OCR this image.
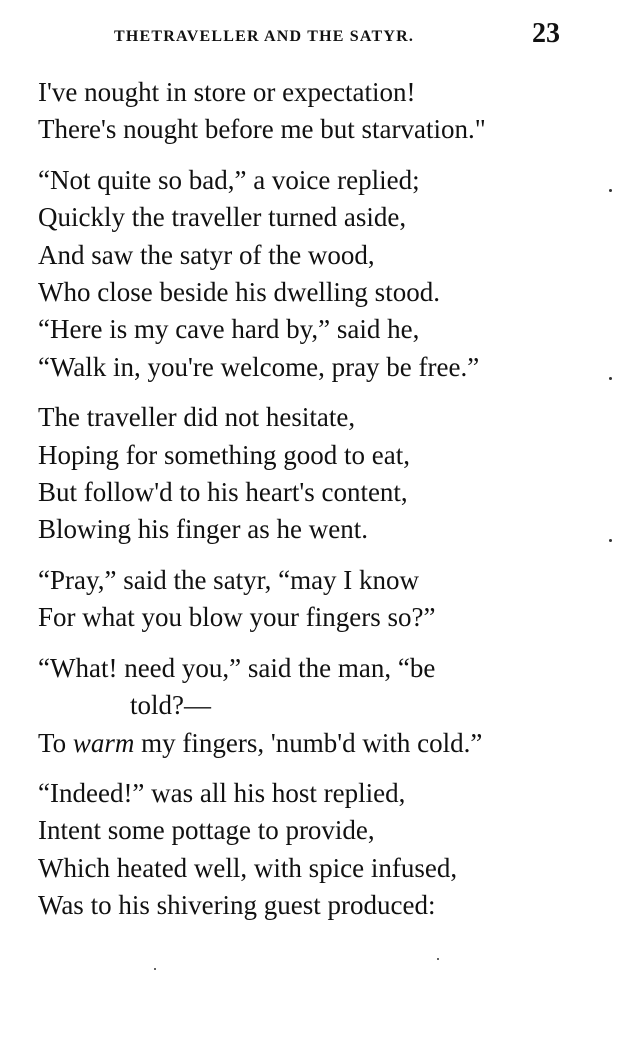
THETRAVELLER AND THE SATYR.	23
I've nought in store or expectation!
There's nought before me but starvation."
“Not quite so bad,” a voice replied;
Quickly the traveller turned aside,
And saw the satyr of the wood,
Who close beside his dwelling stood.
“Here is my cave hard by,” said he,
“Walk in, you're welcome, pray be free.”
The traveller did not hesitate,
Hoping for something good to eat,
But follow'd to his heart's content,
Blowing his finger as he went.
“Pray,” said the satyr, “may I know
For what you blow your fingers so?”
“What! need you,” said the man, “be
told?—
To warm my fingers, 'numb'd with cold.”
“Indeed!” was all his host replied,
Intent some pottage to provide,
Which heated well, with spice infused,
Was to his shivering guest produced:
